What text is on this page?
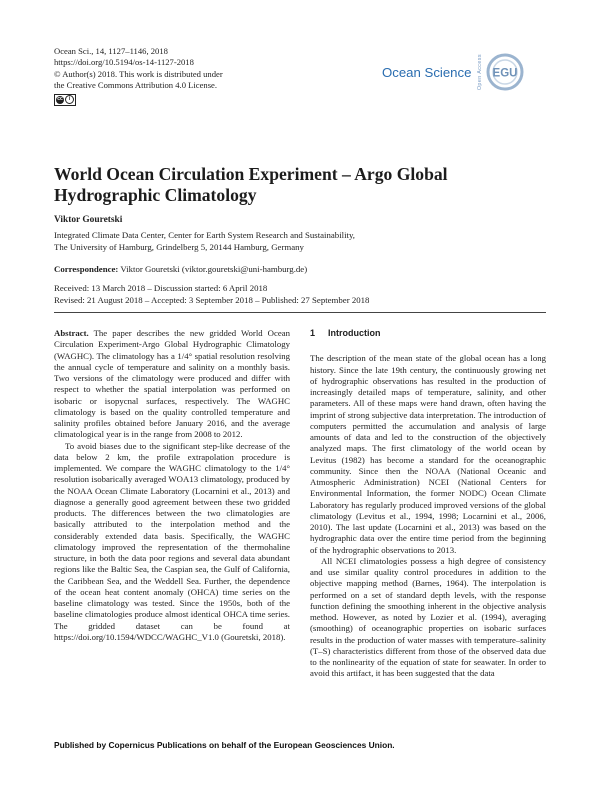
Ocean Sci., 14, 1127–1146, 2018
https://doi.org/10.5194/os-14-1127-2018
© Author(s) 2018. This work is distributed under
the Creative Commons Attribution 4.0 License.
cc	i
Ocean Science Open Access EGU
World Ocean Circulation Experiment – Argo Global Hydrographic Climatology
Viktor Gouretski
Integrated Climate Data Center, Center for Earth System Research and Sustainability,
The University of Hamburg, Grindelberg 5, 20144 Hamburg, Germany
Correspondence: Viktor Gouretski (viktor.gouretski@uni-hamburg.de)
Received: 13 March 2018 – Discussion started: 6 April 2018
Revised: 21 August 2018 – Accepted: 3 September 2018 – Published: 27 September 2018

Abstract. The paper describes the new gridded World Ocean Circulation Experiment-Argo Global Hydrographic Climatology (WAGHC). The climatology has a 1/4° spatial resolution resolving the annual cycle of temperature and salinity on a monthly basis. Two versions of the climatology were produced and differ with respect to whether the spatial interpolation was performed on isobaric or isopycnal surfaces, respectively. The WAGHC climatology is based on the quality controlled temperature and salinity profiles obtained before January 2016, and the average climatological year is in the range from 2008 to 2012.

To avoid biases due to the significant step-like decrease of the data below 2 km, the profile extrapolation procedure is implemented. We compare the WAGHC climatology to the 1/4° resolution isobarically averaged WOA13 climatology, produced by the NOAA Ocean Climate Laboratory (Locarnini et al., 2013) and diagnose a generally good agreement between these two gridded products. The differences between the two climatologies are basically attributed to the interpolation method and the considerably extended data basis. Specifically, the WAGHC climatology improved the representation of the thermohaline structure, in both the data poor regions and several data abundant regions like the Baltic Sea, the Caspian sea, the Gulf of California, the Caribbean Sea, and the Weddell Sea. Further, the dependence of the ocean heat content anomaly (OHCA) time series on the baseline climatology was tested. Since the 1950s, both of the baseline climatologies produce almost identical OHCA time series. The gridded dataset can be found at https://doi.org/10.1594/WDCC/WAGHC_V1.0 (Gouretski, 2018).

1 Introduction

The description of the mean state of the global ocean has a long history. Since the late 19th century, the continuously growing net of hydrographic observations has resulted in the production of increasingly detailed maps of temperature, salinity, and other parameters. All of these maps were hand drawn, often having the imprint of strong subjective data interpretation. The introduction of computers permitted the accumulation and analysis of large amounts of data and led to the construction of the objectively analyzed maps. The first climatology of the world ocean by Levitus (1982) has become a standard for the oceanographic community. Since then the NOAA (National Oceanic and Atmospheric Administration) NCEI (National Centers for Environmental Information, the former NODC) Ocean Climate Laboratory has regularly produced improved versions of the global climatology (Levitus et al., 1994, 1998; Locarnini et al., 2006, 2010). The last update (Locarnini et al., 2013) was based on the hydrographic data over the entire time period from the beginning of the hydrographic observations to 2013.

All NCEI climatologies possess a high degree of consistency and use similar quality control procedures in addition to the objective mapping method (Barnes, 1964). The interpolation is performed on a set of standard depth levels, with the response function defining the smoothing inherent in the objective analysis method. However, as noted by Lozier et al. (1994), averaging (smoothing) of oceanographic properties on isobaric surfaces results in the production of water masses with temperature–salinity (T–S) characteristics different from those of the observed data due to the nonlinearity of the equation of state for seawater. In order to avoid this artifact, it has been suggested that the data

Published by Copernicus Publications on behalf of the European Geosciences Union.
